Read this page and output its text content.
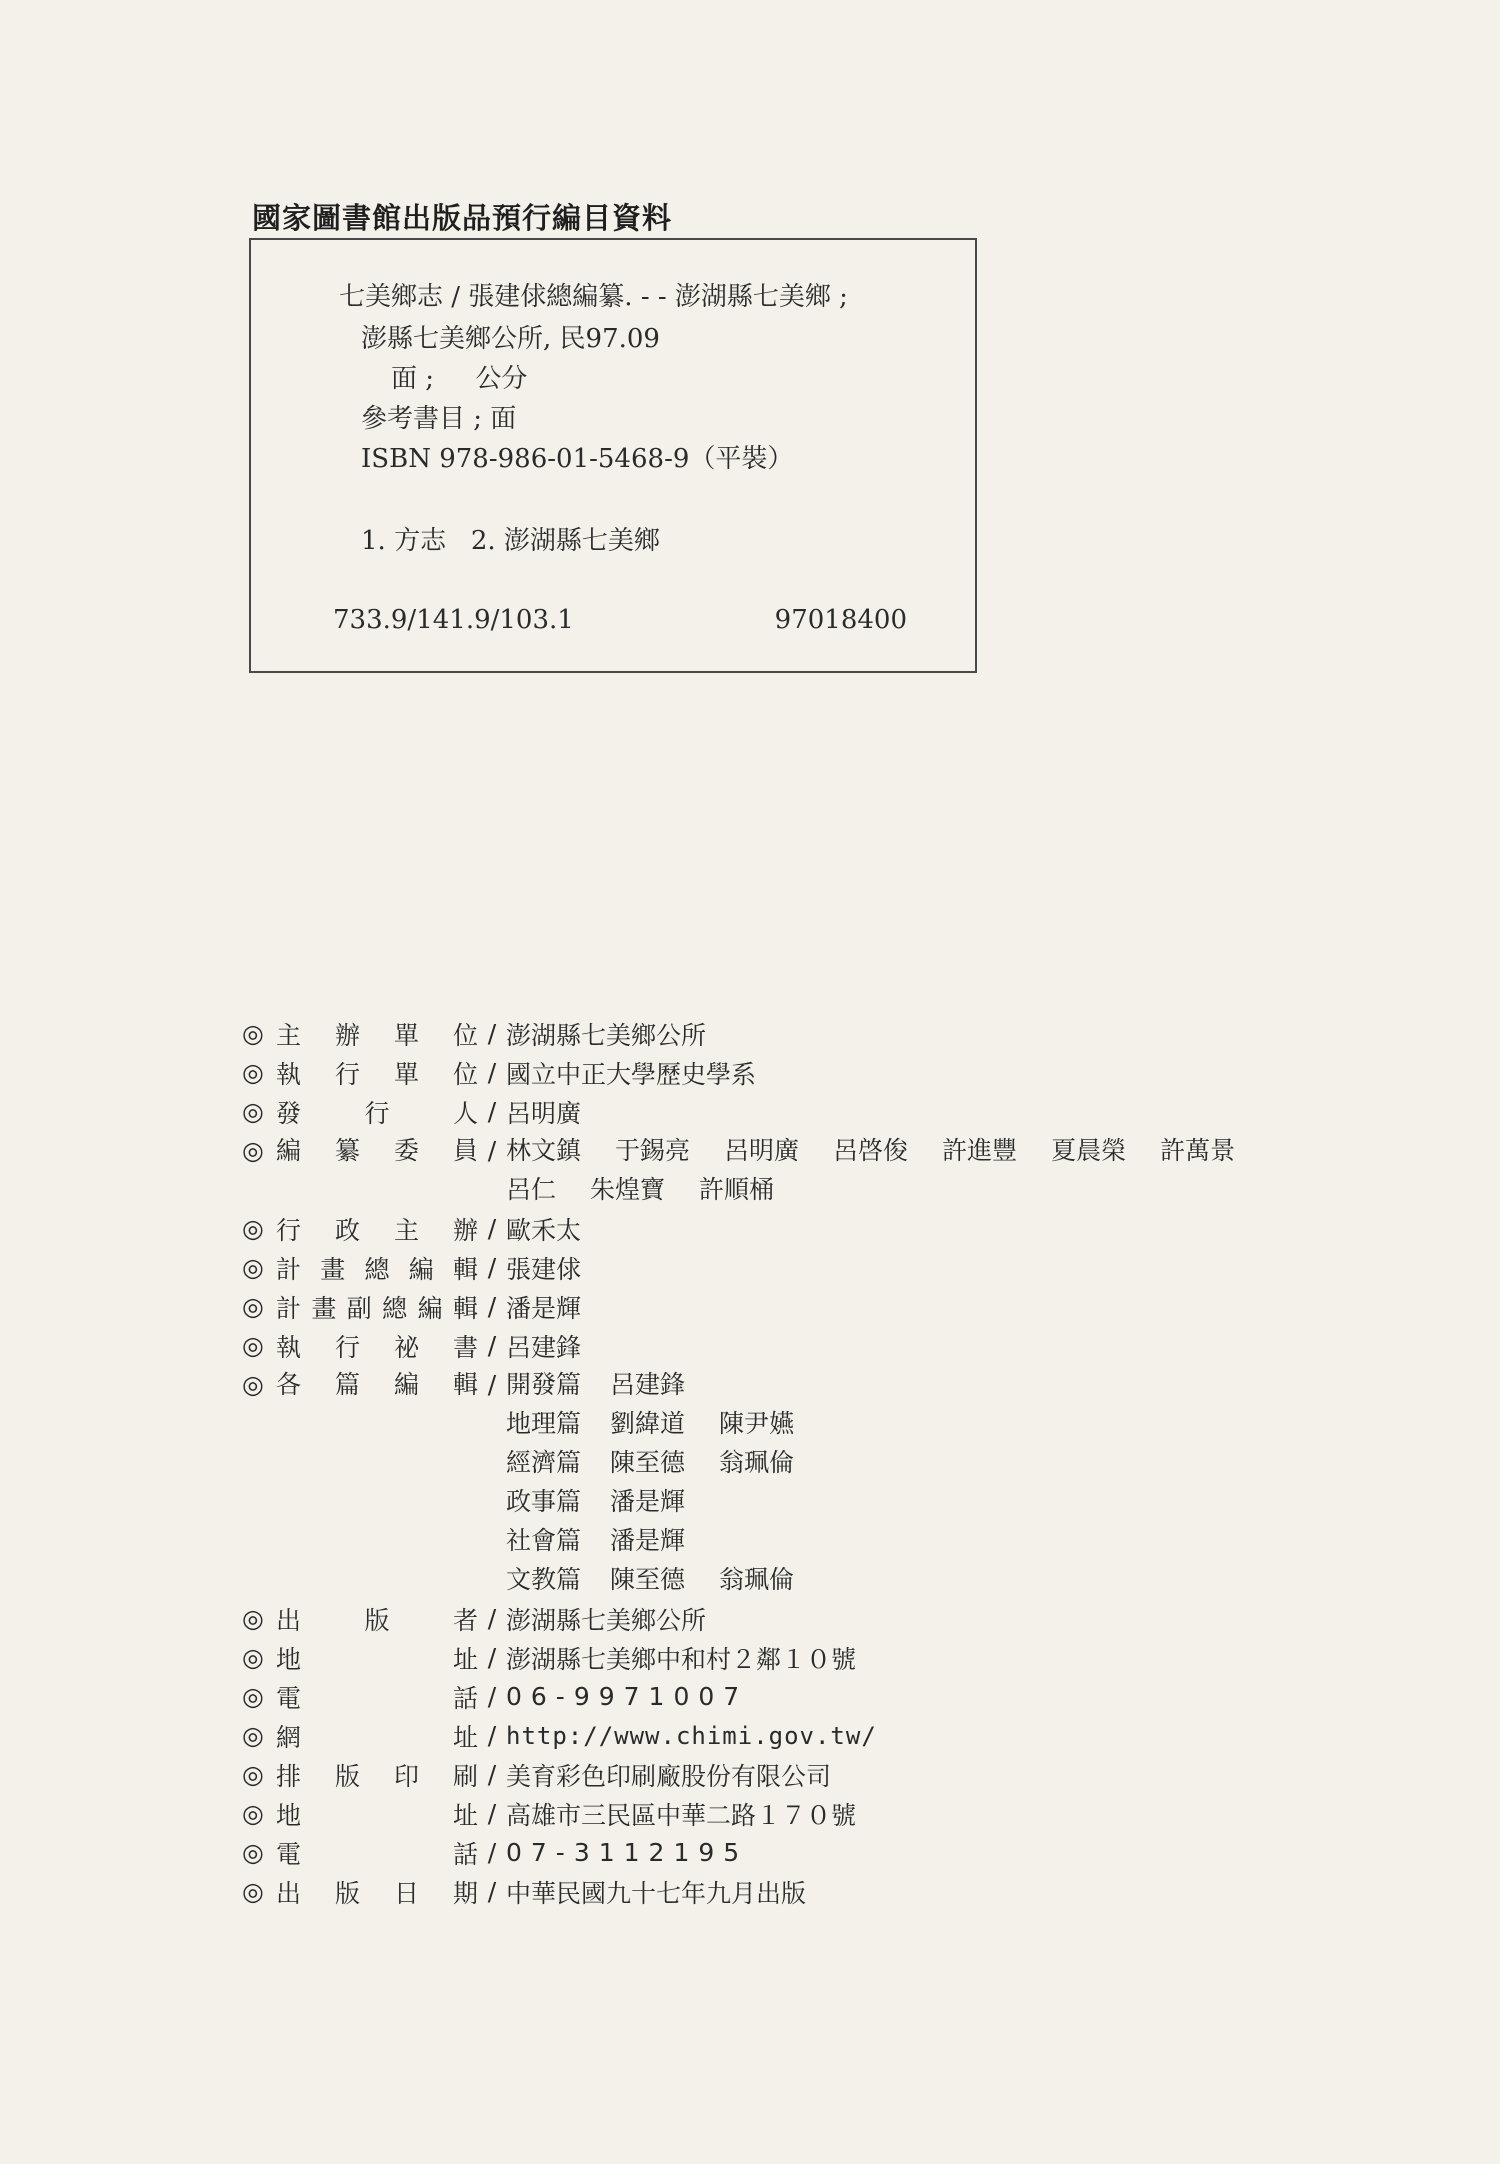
國家圖書館出版品預行編目資料
七美鄉志 / 張建俅總編纂. - - 澎湖縣七美鄉 ;
澎縣七美鄉公所, 民97.09
面 ;     公分
參考書目 ; 面
ISBN 978-986-01-5468-9（平裝）
1. 方志   2. 澎湖縣七美鄉
733.9/141.9/103.1	97018400
◎ 主 辦 單 位 / 澎湖縣七美鄉公所
◎ 執 行 單 位 / 國立中正大學歷史學系
◎ 發	行	人 / 呂明廣
◎ 編 纂 委 員 / 林文鎮 于錫亮 呂明廣 呂啓俊 許進豐 夏晨榮 許萬景
呂仁 朱煌寶 許順桶
◎ 行 政 主 辦 / 歐禾太
◎ 計 畫 總 編 輯 / 張建俅
◎ 計 畫 副 總 編 輯 / 潘是輝
◎ 執 行 祕 書 / 呂建鋒
◎ 各 篇 編 輯 / 開發篇	呂建鋒
地理篇	劉緯道 陳尹嬿
經濟篇	陳至德 翁珮倫
政事篇	潘是輝
社會篇	潘是輝
文教篇	陳至德 翁珮倫
◎ 出	版	者 / 澎湖縣七美鄉公所
◎ 地	址 / 澎湖縣七美鄉中和村２鄰１０號
◎ 電	話 / 06-9971007
◎ 網	址 / http://www.chimi.gov.tw/
◎ 排 版 印 刷 / 美育彩色印刷廠股份有限公司
◎ 地	址 / 高雄市三民區中華二路１７０號
◎ 電	話 / 07-3112195
◎ 出 版 日 期 / 中華民國九十七年九月出版
